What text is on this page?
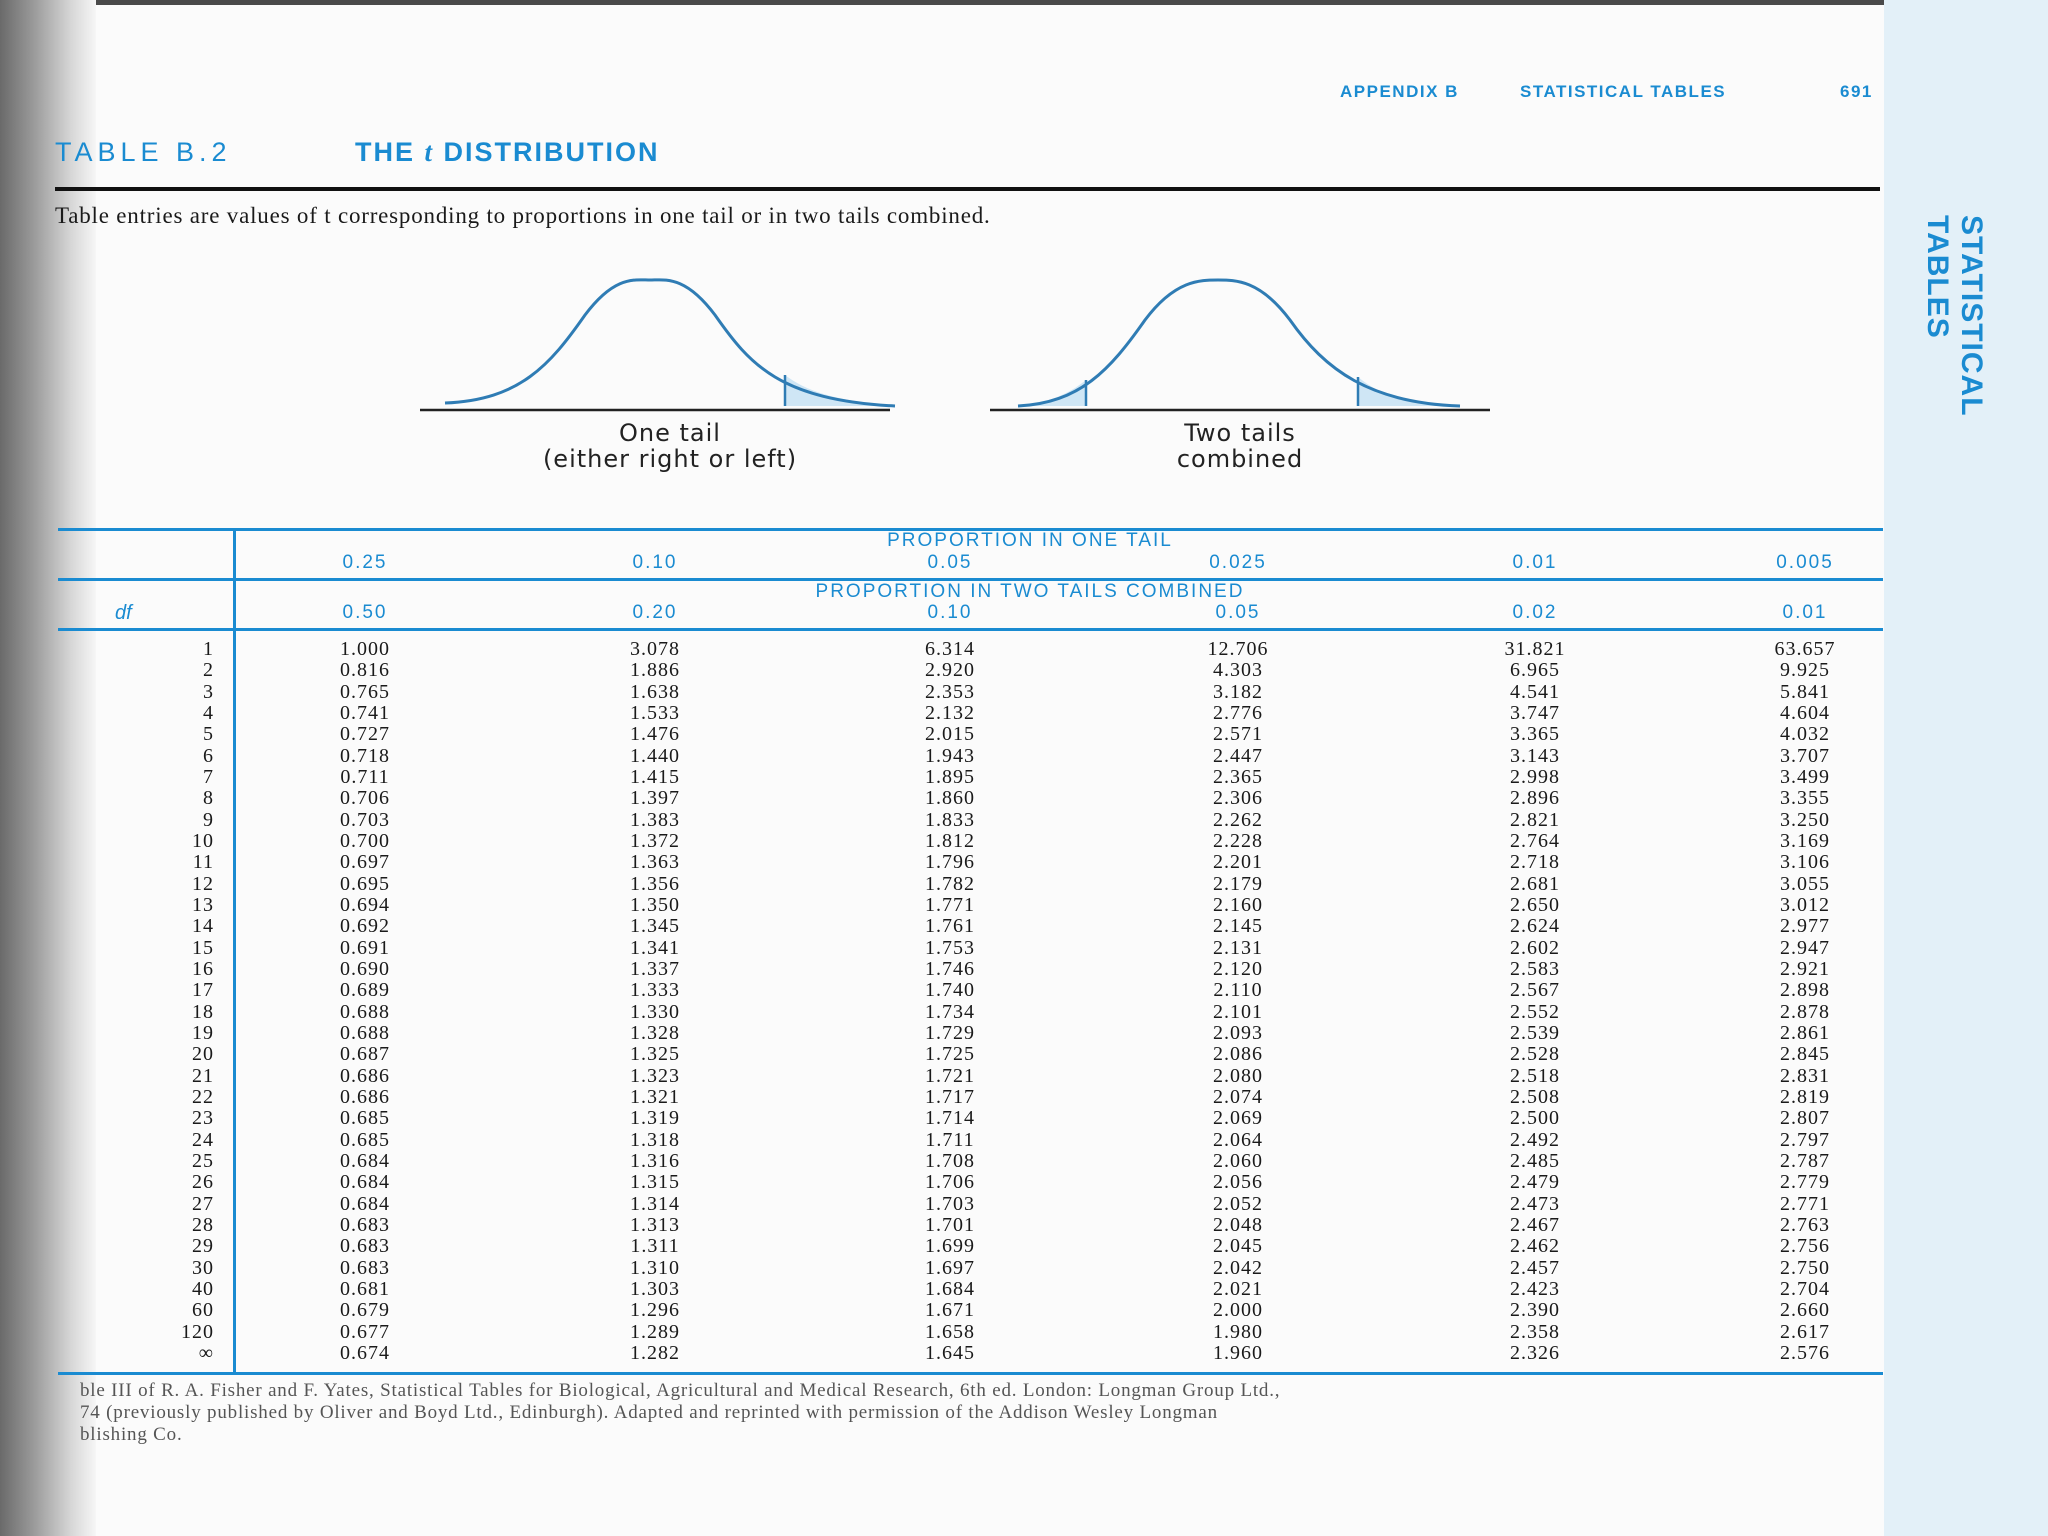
STATISTICAL TABLES
APPENDIX B	STATISTICAL TABLES	691
TABLE B.2	THE t DISTRIBUTION
Table entries are values of t corresponding to proportions in one tail or in two tails combined.
One tail
(either right or left)
Two tails
combined
PROPORTION IN ONE TAIL
PROPORTION IN TWO TAILS COMBINED
df
0.25	0.10	0.05	0.025	0.01	0.005
0.50	0.20	0.10	0.05	0.02	0.01
1	1.000	3.078	6.314	12.706	31.821	63.657
2	0.816	1.886	2.920	4.303	6.965	9.925
3	0.765	1.638	2.353	3.182	4.541	5.841
4	0.741	1.533	2.132	2.776	3.747	4.604
5	0.727	1.476	2.015	2.571	3.365	4.032
6	0.718	1.440	1.943	2.447	3.143	3.707
7	0.711	1.415	1.895	2.365	2.998	3.499
8	0.706	1.397	1.860	2.306	2.896	3.355
9	0.703	1.383	1.833	2.262	2.821	3.250
10	0.700	1.372	1.812	2.228	2.764	3.169
11	0.697	1.363	1.796	2.201	2.718	3.106
12	0.695	1.356	1.782	2.179	2.681	3.055
13	0.694	1.350	1.771	2.160	2.650	3.012
14	0.692	1.345	1.761	2.145	2.624	2.977
15	0.691	1.341	1.753	2.131	2.602	2.947
16	0.690	1.337	1.746	2.120	2.583	2.921
17	0.689	1.333	1.740	2.110	2.567	2.898
18	0.688	1.330	1.734	2.101	2.552	2.878
19	0.688	1.328	1.729	2.093	2.539	2.861
20	0.687	1.325	1.725	2.086	2.528	2.845
21	0.686	1.323	1.721	2.080	2.518	2.831
22	0.686	1.321	1.717	2.074	2.508	2.819
23	0.685	1.319	1.714	2.069	2.500	2.807
24	0.685	1.318	1.711	2.064	2.492	2.797
25	0.684	1.316	1.708	2.060	2.485	2.787
26	0.684	1.315	1.706	2.056	2.479	2.779
27	0.684	1.314	1.703	2.052	2.473	2.771
28	0.683	1.313	1.701	2.048	2.467	2.763
29	0.683	1.311	1.699	2.045	2.462	2.756
30	0.683	1.310	1.697	2.042	2.457	2.750
40	0.681	1.303	1.684	2.021	2.423	2.704
60	0.679	1.296	1.671	2.000	2.390	2.660
120	0.677	1.289	1.658	1.980	2.358	2.617
∞	0.674	1.282	1.645	1.960	2.326	2.576

ble III of R. A. Fisher and F. Yates, Statistical Tables for Biological, Agricultural and Medical Research, 6th ed. London: Longman Group Ltd.,

74 (previously published by Oliver and Boyd Ltd., Edinburgh). Adapted and reprinted with permission of the Addison Wesley Longman

blishing Co.
